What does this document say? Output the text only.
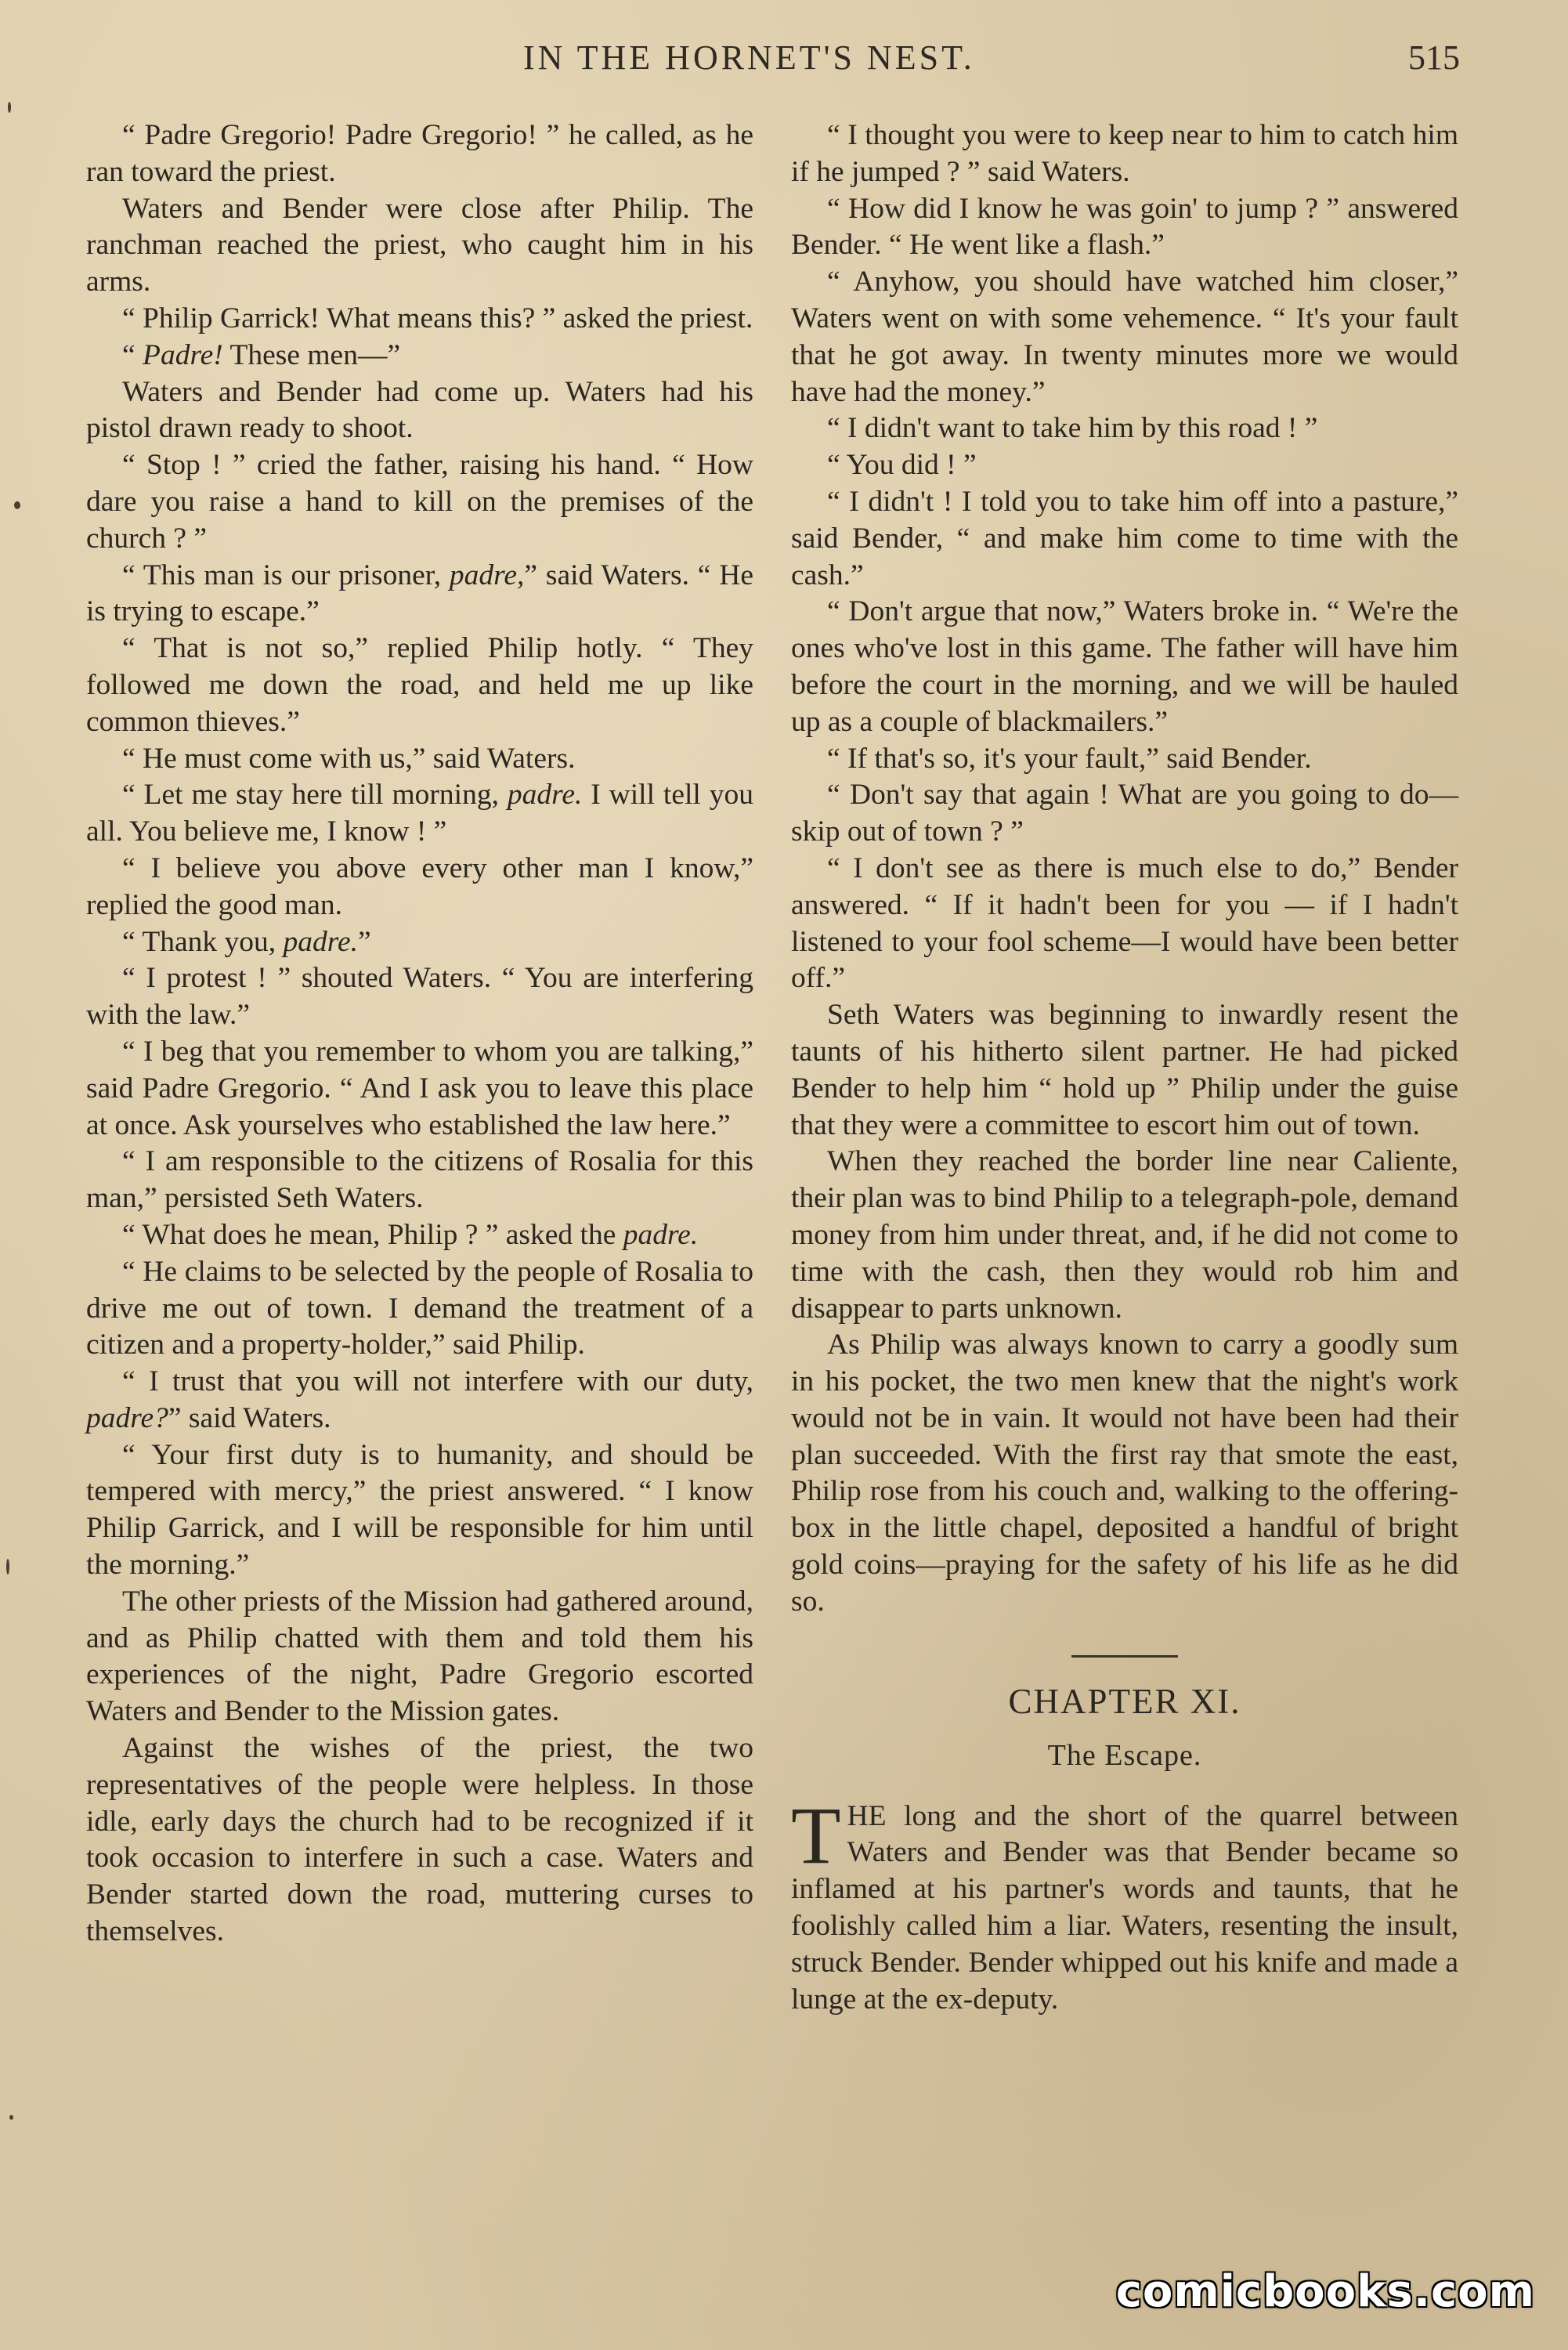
IN THE HORNET'S NEST.	515

“ Padre Gregorio! Padre Gregorio! ” he called, as he ran toward the priest.

Waters and Bender were close after Philip. The ranchman reached the priest, who caught him in his arms.

“ Philip Garrick! What means this? ” asked the priest.

“ Padre! These men—”

Waters and Bender had come up. Waters had his pistol drawn ready to shoot.

“ Stop ! ” cried the father, raising his hand. “ How dare you raise a hand to kill on the premises of the church ? ”

“ This man is our prisoner, padre,” said Waters. “ He is trying to escape.”

“ That is not so,” replied Philip hotly. “ They followed me down the road, and held me up like common thieves.”

“ He must come with us,” said Waters.

“ Let me stay here till morning, padre. I will tell you all. You believe me, I know ! ”

“ I believe you above every other man I know,” replied the good man.

“ Thank you, padre.”

“ I protest ! ” shouted Waters. “ You are interfering with the law.”

“ I beg that you remember to whom you are talking,” said Padre Gregorio. “ And I ask you to leave this place at once. Ask yourselves who established the law here.”

“ I am responsible to the citizens of Rosalia for this man,” persisted Seth Waters.

“ What does he mean, Philip ? ” asked the padre.

“ He claims to be selected by the people of Rosalia to drive me out of town. I demand the treatment of a citizen and a property-holder,” said Philip.

“ I trust that you will not interfere with our duty, padre?” said Waters.

“ Your first duty is to humanity, and should be tempered with mercy,” the priest answered. “ I know Philip Garrick, and I will be responsible for him until the morning.”

The other priests of the Mission had gathered around, and as Philip chatted with them and told them his experiences of the night, Padre Gregorio escorted Waters and Bender to the Mission gates.

Against the wishes of the priest, the two representatives of the people were helpless. In those idle, early days the church had to be recognized if it took occasion to interfere in such a case. Waters and Bender started down the road, muttering curses to themselves.

“ I thought you were to keep near to him to catch him if he jumped ? ” said Waters.

“ How did I know he was goin' to jump ? ” answered Bender. “ He went like a flash.”

“ Anyhow, you should have watched him closer,” Waters went on with some vehemence. “ It's your fault that he got away. In twenty minutes more we would have had the money.”

“ I didn't want to take him by this road ! ”

“ You did ! ”

“ I didn't ! I told you to take him off into a pasture,” said Bender, “ and make him come to time with the cash.”

“ Don't argue that now,” Waters broke in. “ We're the ones who've lost in this game. The father will have him before the court in the morning, and we will be hauled up as a couple of blackmailers.”

“ If that's so, it's your fault,” said Bender.

“ Don't say that again ! What are you going to do—skip out of town ? ”

“ I don't see as there is much else to do,” Bender answered. “ If it hadn't been for you — if I hadn't listened to your fool scheme—I would have been better off.”

Seth Waters was beginning to inwardly resent the taunts of his hitherto silent partner. He had picked Bender to help him “ hold up ” Philip under the guise that they were a committee to escort him out of town.

When they reached the border line near Caliente, their plan was to bind Philip to a telegraph-pole, demand money from him under threat, and, if he did not come to time with the cash, then they would rob him and disappear to parts unknown.

As Philip was always known to carry a goodly sum in his pocket, the two men knew that the night's work would not be in vain. It would not have been had their plan succeeded. With the first ray that smote the east, Philip rose from his couch and, walking to the offering-box in the little chapel, deposited a handful of bright gold coins—praying for the safety of his life as he did so.

CHAPTER XI.
The Escape.

THE long and the short of the quarrel between Waters and Bender was that Bender became so inflamed at his partner's words and taunts, that he foolishly called him a liar. Waters, resenting the insult, struck Bender. Bender whipped out his knife and made a lunge at the ex-deputy.

comicbooks.com
